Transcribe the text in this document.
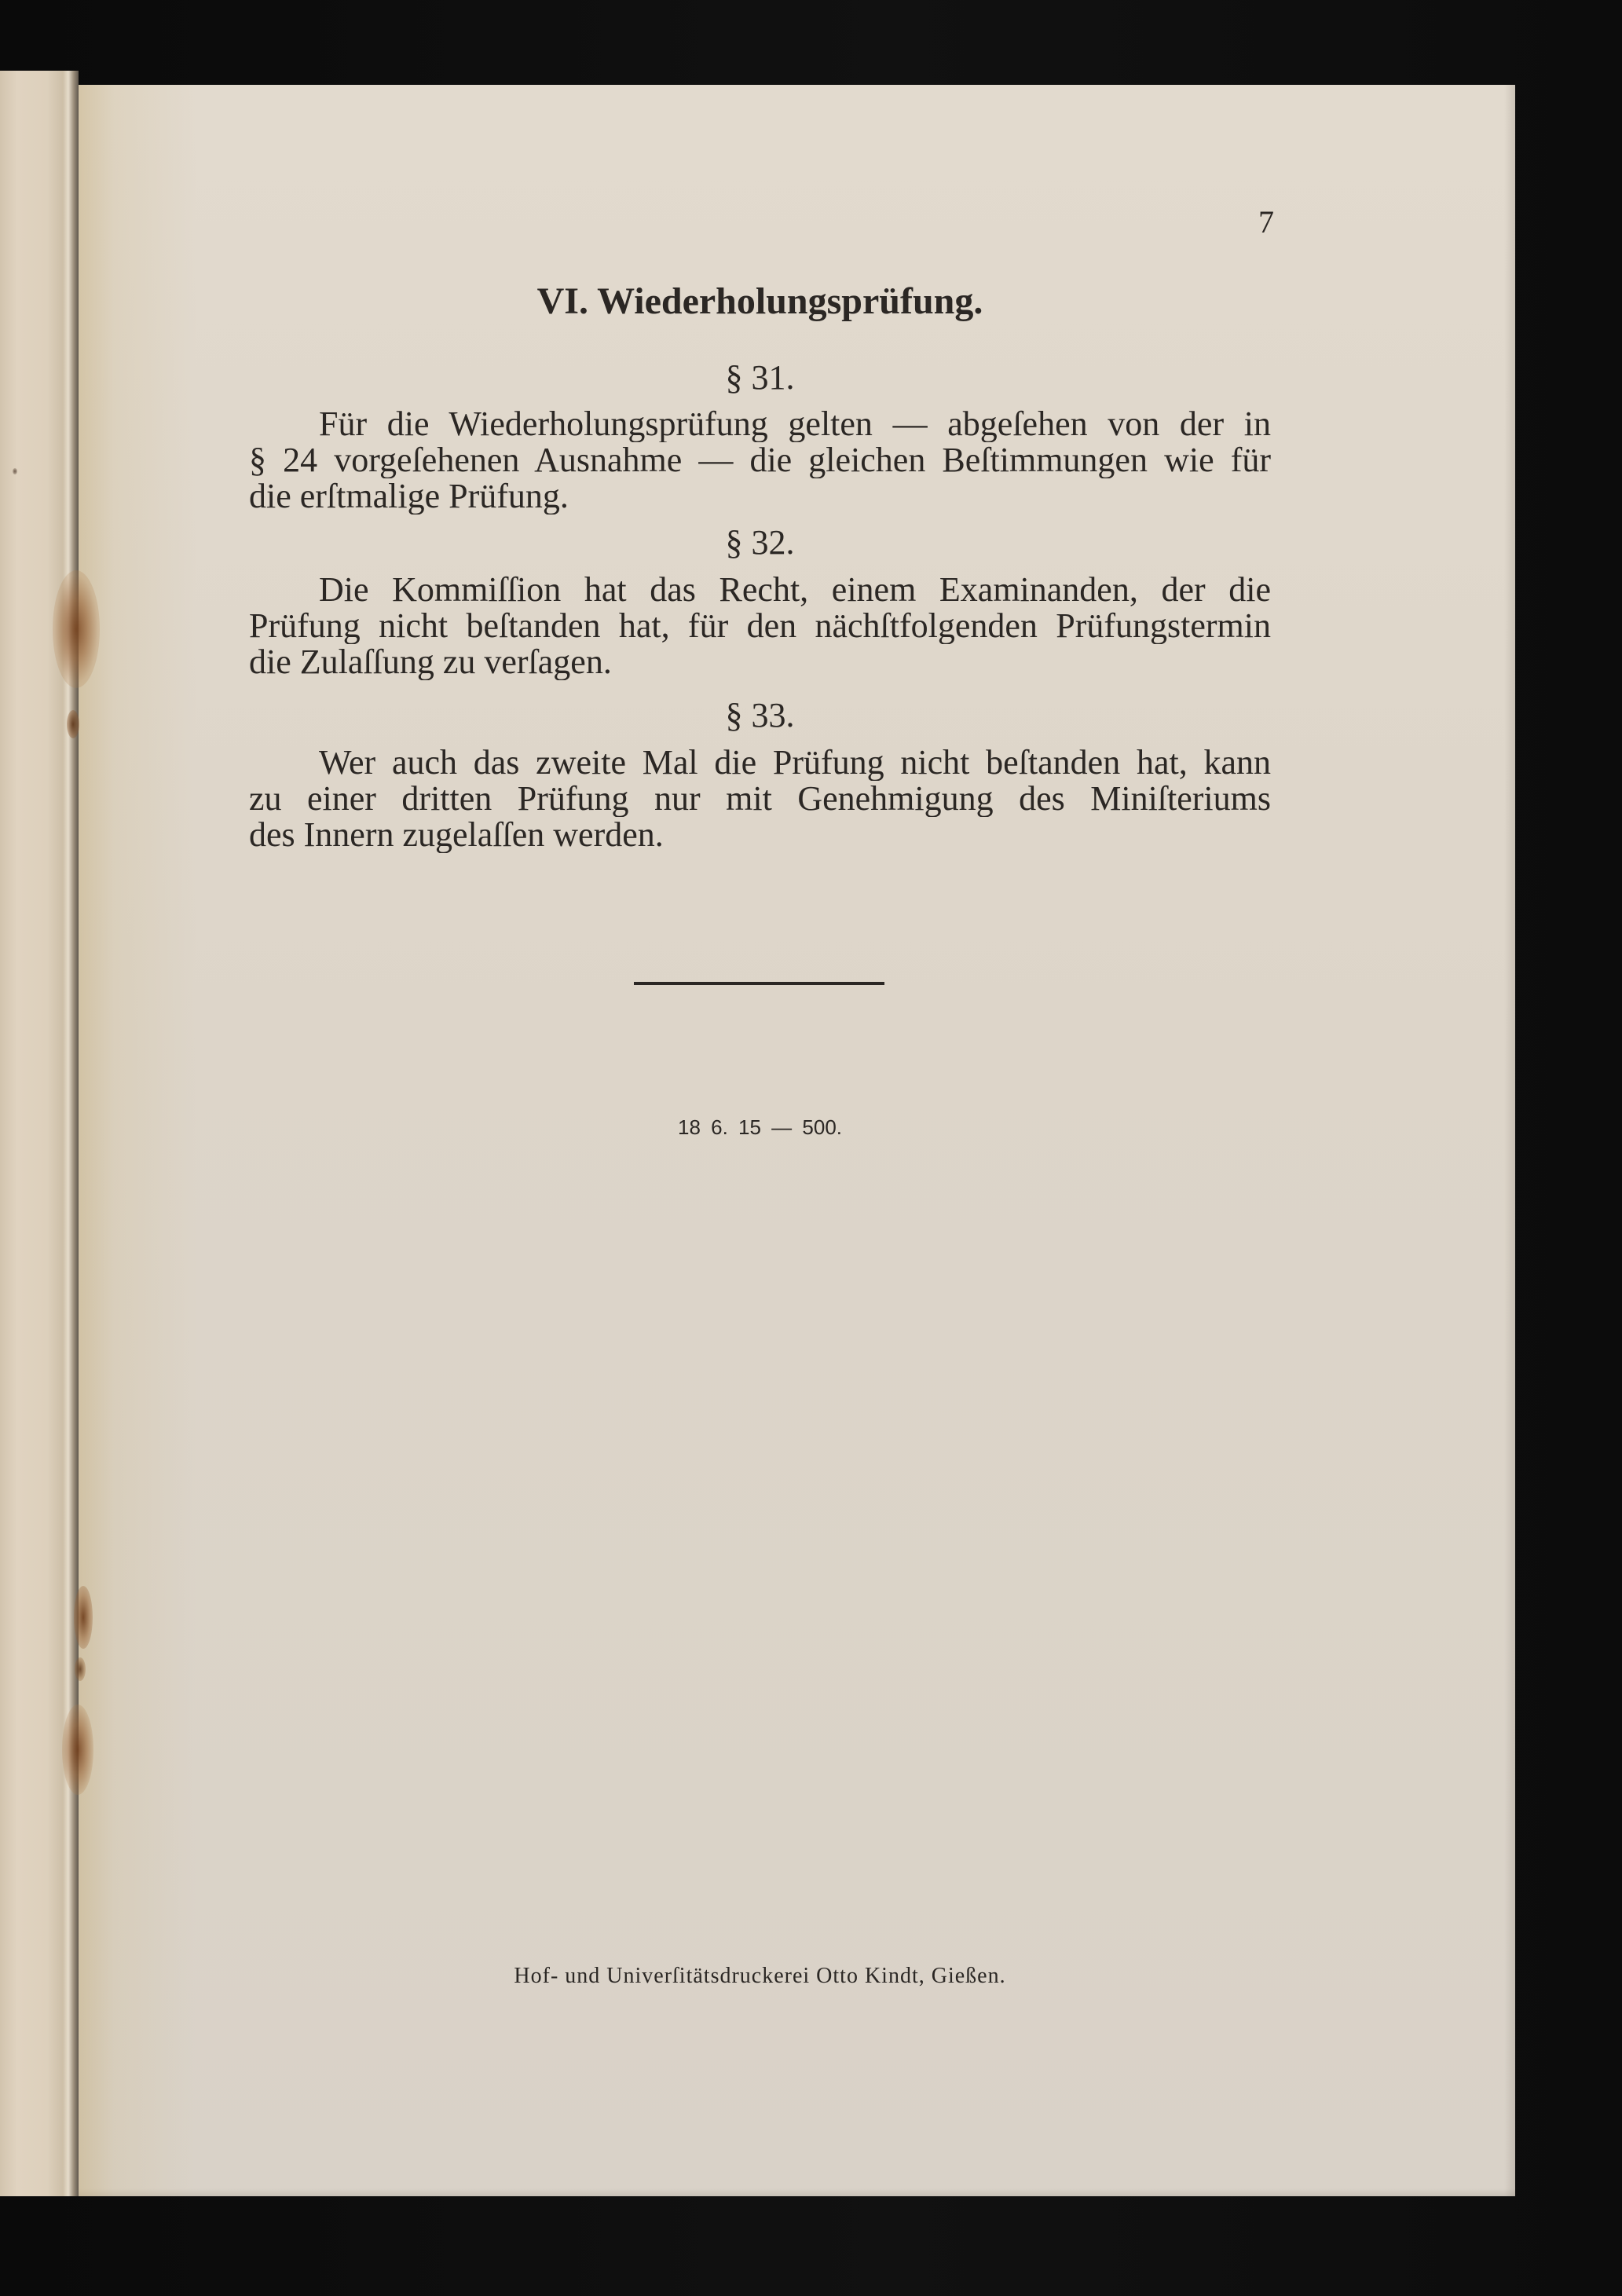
7
VI. Wiederholungsprüfung.
§ 31.
Für die Wiederholungsprüfung gelten — abgeſehen von der in
§ 24 vorgeſehenen Ausnahme — die gleichen Beſtimmungen wie für
die erſtmalige Prüfung.
§ 32.
Die Kommiſſion hat das Recht, einem Examinanden, der die
Prüfung nicht beſtanden hat, für den nächſtfolgenden Prüfungstermin
die Zulaſſung zu verſagen.
§ 33.
Wer auch das zweite Mal die Prüfung nicht beſtanden hat, kann
zu einer dritten Prüfung nur mit Genehmigung des Miniſteriums
des Innern zugelaſſen werden.
18 6. 15 — 500.
Hof- und Univerſitätsdruckerei Otto Kindt, Gießen.
